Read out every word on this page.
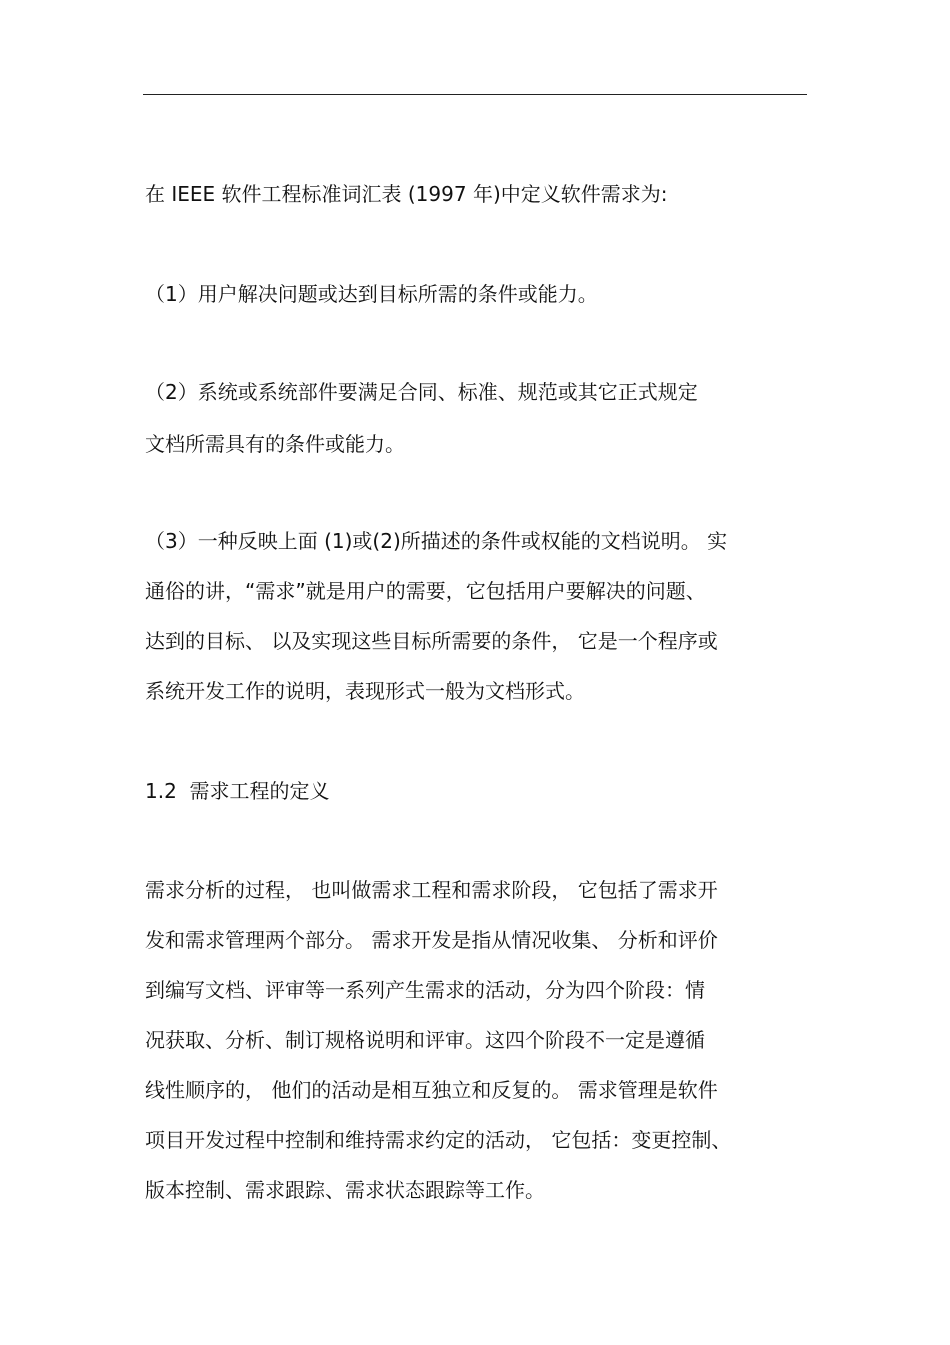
在 IEEE 软件工程标准词汇表 (1997 年)中定义软件需求为:
（1）用户解决问题或达到目标所需的条件或能力。
（2）系统或系统部件要满足合同、标准、规范或其它正式规定
文档所需具有的条件或能力。
（3）一种反映上面 (1)或(2)所描述的条件或权能的文档说明。 实
通俗的讲，“需求”就是用户的需要，它包括用户要解决的问题、
达到的目标、 以及实现这些目标所需要的条件， 它是一个程序或
系统开发工作的说明，表现形式一般为文档形式。
1.2  需求工程的定义
需求分析的过程， 也叫做需求工程和需求阶段， 它包括了需求开
发和需求管理两个部分。 需求开发是指从情况收集、 分析和评价
到编写文档、评审等一系列产生需求的活动，分为四个阶段：情
况获取、分析、制订规格说明和评审。这四个阶段不一定是遵循
线性顺序的， 他们的活动是相互独立和反复的。 需求管理是软件
项目开发过程中控制和维持需求约定的活动， 它包括：变更控制、
版本控制、需求跟踪、需求状态跟踪等工作。
